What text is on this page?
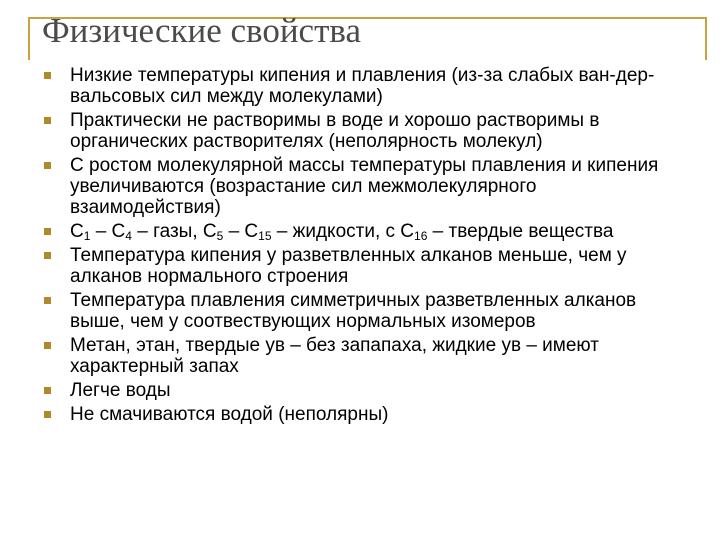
Физические свойства
Низкие температуры кипения и плавления (из-за слабых ван-дер-вальсовых сил между молекулами)
Практически не растворимы в воде и хорошо растворимы в органических растворителях (неполярность молекул)
С ростом молекулярной массы температуры плавления и кипения увеличиваются (возрастание сил межмолекулярного взаимодействия)
$C_1 - C_4$ – газы, $C_5 - C_{15}$ – жидкости, с $C_{16}$ – твердые вещества
Температура кипения у разветвленных алканов меньше, чем у алканов нормального строения
Температура плавления симметричных разветвленных алканов выше, чем у соотвествующих нормальных изомеров
Метан, этан, твердые ув – без запапаха, жидкие ув – имеют характерный запах
Легче воды
Не смачиваются водой (неполярны)
